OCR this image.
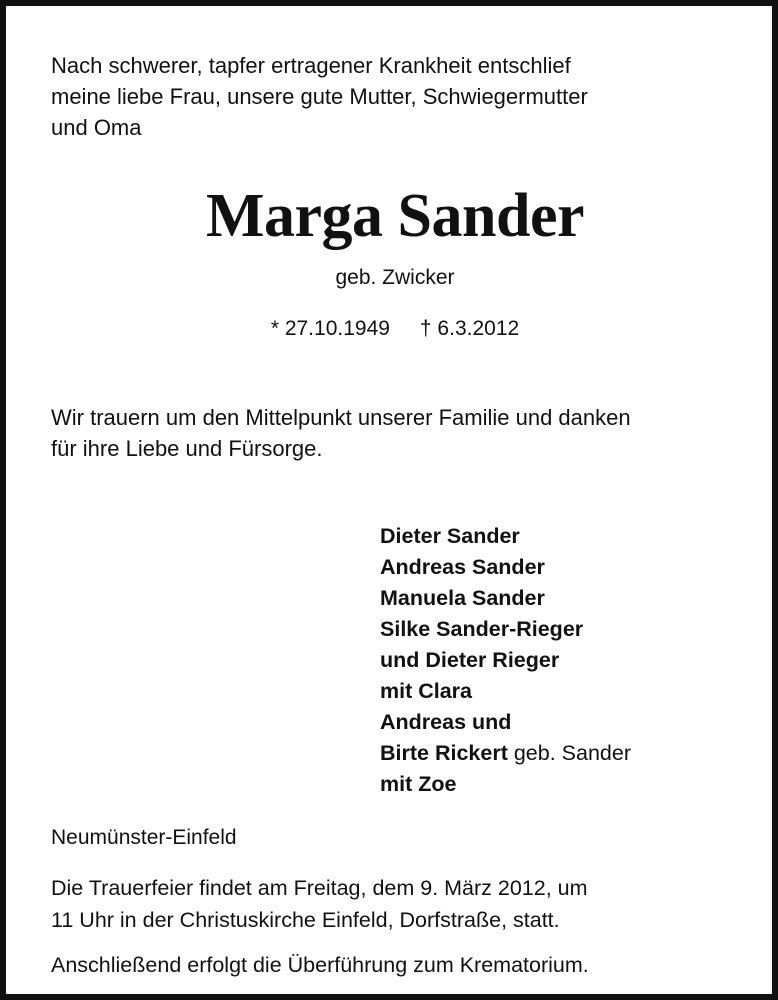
Nach schwerer, tapfer ertragener Krankheit entschlief
meine liebe Frau, unsere gute Mutter, Schwiegermutter
und Oma
Marga Sander
geb. Zwicker
* 27.10.1949 † 6.3.2012
Wir trauern um den Mittelpunkt unserer Familie und danken
für ihre Liebe und Fürsorge.
Dieter Sander
Andreas Sander
Manuela Sander
Silke Sander-Rieger
und Dieter Rieger
mit Clara
Andreas und
Birte Rickert geb. Sander
mit Zoe
Neumünster-Einfeld
Die Trauerfeier findet am Freitag, dem 9. März 2012, um
11 Uhr in der Christuskirche Einfeld, Dorfstraße, statt.
Anschließend erfolgt die Überführung zum Krematorium.
